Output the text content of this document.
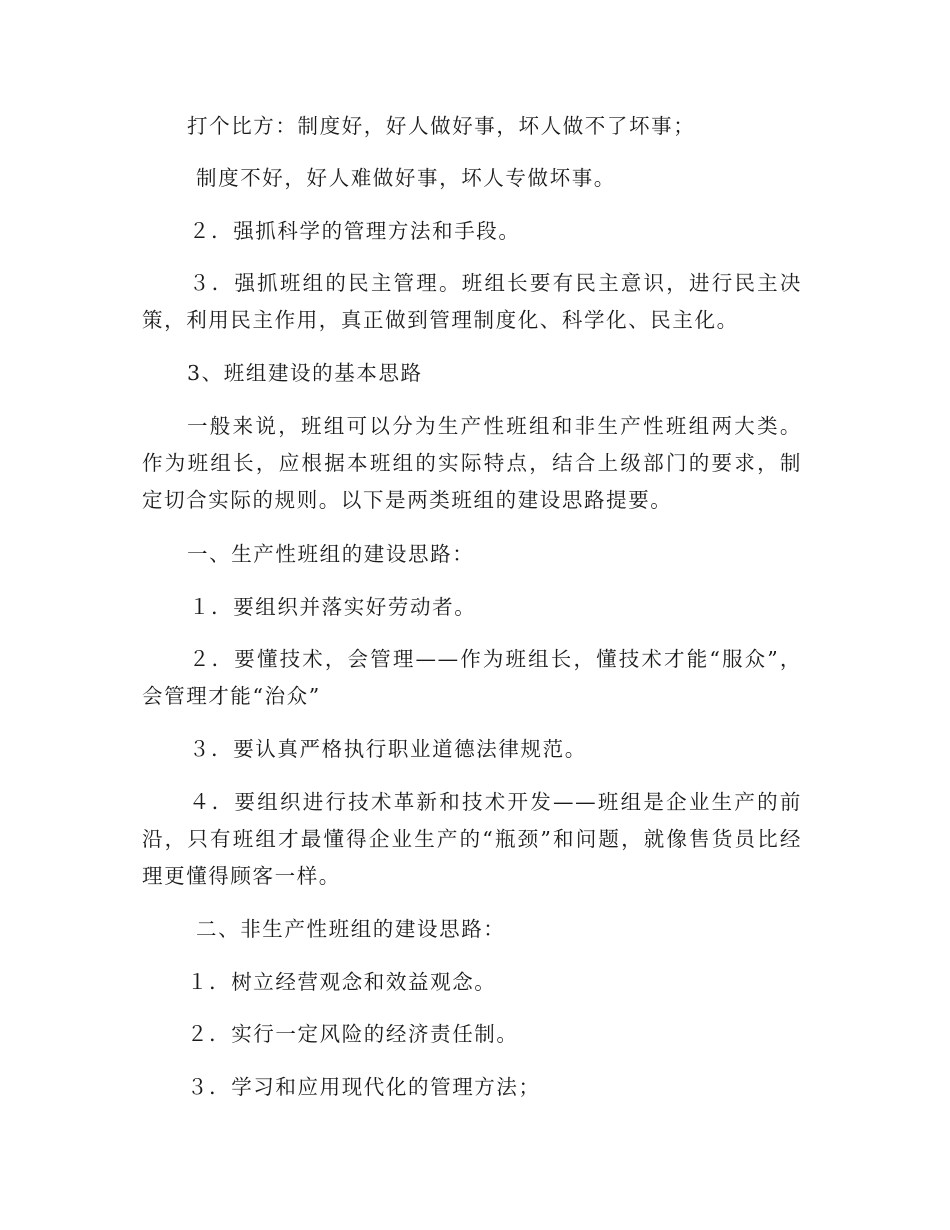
打个比方：制度好，好人做好事，坏人做不了坏事；

制度不好，好人难做好事，坏人专做坏事。

２．强抓科学的管理方法和手段。

３．强抓班组的民主管理。班组长要有民主意识，进行民主决策，利用民主作用，真正做到管理制度化、科学化、民主化。

3、班组建设的基本思路

一般来说，班组可以分为生产性班组和非生产性班组两大类。作为班组长，应根据本班组的实际特点，结合上级部门的要求，制定切合实际的规则。以下是两类班组的建设思路提要。

一、生产性班组的建设思路：

１．要组织并落实好劳动者。

２．要懂技术，会管理——作为班组长，懂技术才能“服众”，会管理才能“治众”

３．要认真严格执行职业道德法律规范。

４．要组织进行技术革新和技术开发——班组是企业生产的前沿，只有班组才最懂得企业生产的“瓶颈”和问题，就像售货员比经理更懂得顾客一样。

二、非生产性班组的建设思路：

１．树立经营观念和效益观念。

２．实行一定风险的经济责任制。

３．学习和应用现代化的管理方法；
